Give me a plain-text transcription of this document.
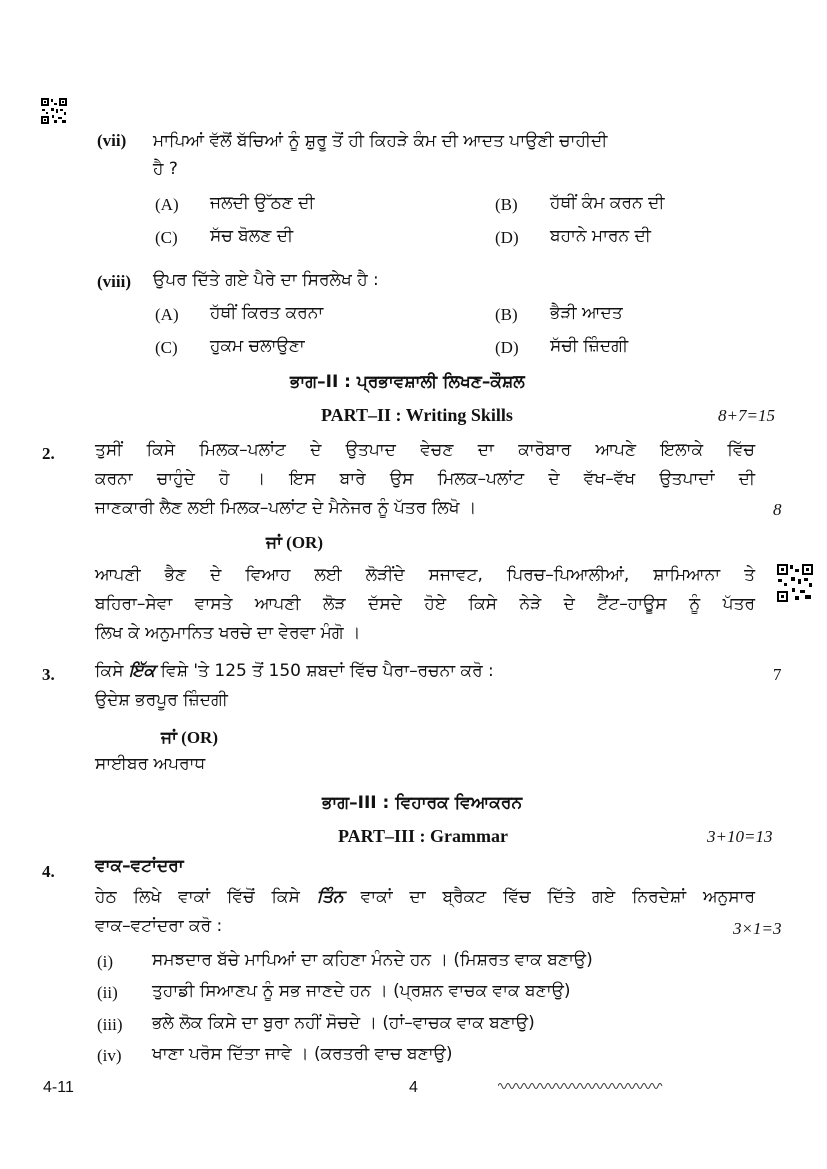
(vii) ਮਾਪਿਆਂ ਵੱਲੋਂ ਬੱਚਿਆਂ ਨੂੰ ਸ਼ੁਰੂ ਤੋਂ ਹੀ ਕਿਹੜੇ ਕੰਮ ਦੀ ਆਦਤ ਪਾਉਣੀ ਚਾਹੀਦੀ
ਹੈ ?
(A) ਜਲਦੀ ਉੱਠਣ ਦੀ	(B) ਹੱਥੀਂ ਕੰਮ ਕਰਨ ਦੀ
(C) ਸੱਚ ਬੋਲਣ ਦੀ	(D) ਬਹਾਨੇ ਮਾਰਨ ਦੀ
(viii) ਉਪਰ ਦਿੱਤੇ ਗਏ ਪੈਰੇ ਦਾ ਸਿਰਲੇਖ ਹੈ :
(A) ਹੱਥੀਂ ਕਿਰਤ ਕਰਨਾ	(B) ਭੈੜੀ ਆਦਤ
(C) ਹੁਕਮ ਚਲਾਉਣਾ	(D) ਸੱਚੀ ਜ਼ਿੰਦਗੀ
ਭਾਗ–II : ਪ੍ਰਭਾਵਸ਼ਾਲੀ ਲਿਖਣ–ਕੌਸ਼ਲ
PART–II : Writing Skills	8+7=15
2. ਤੁਸੀਂ ਕਿਸੇ ਮਿਲਕ–ਪਲਾਂਟ ਦੇ ਉਤਪਾਦ ਵੇਚਣ ਦਾ ਕਾਰੋਬਾਰ ਆਪਣੇ ਇਲਾਕੇ ਵਿੱਚ
ਕਰਨਾ ਚਾਹੁੰਦੇ ਹੋ । ਇਸ ਬਾਰੇ ਉਸ ਮਿਲਕ–ਪਲਾਂਟ ਦੇ ਵੱਖ–ਵੱਖ ਉਤਪਾਦਾਂ ਦੀ
ਜਾਣਕਾਰੀ ਲੈਣ ਲਈ ਮਿਲਕ–ਪਲਾਂਟ ਦੇ ਮੈਨੇਜਰ ਨੂੰ ਪੱਤਰ ਲਿਖੋ ।	8
ਜਾਂ (OR)
ਆਪਣੀ ਭੈਣ ਦੇ ਵਿਆਹ ਲਈ ਲੋੜੀਂਦੇ ਸਜਾਵਟ, ਪਿਰਚ–ਪਿਆਲੀਆਂ, ਸ਼ਾਮਿਆਨਾ ਤੇ
ਬਹਿਰਾ–ਸੇਵਾ ਵਾਸਤੇ ਆਪਣੀ ਲੋੜ ਦੱਸਦੇ ਹੋਏ ਕਿਸੇ ਨੇੜੇ ਦੇ ਟੈਂਟ–ਹਾਊਸ ਨੂੰ ਪੱਤਰ
ਲਿਖ ਕੇ ਅਨੁਮਾਨਿਤ ਖਰਚੇ ਦਾ ਵੇਰਵਾ ਮੰਗੋ ।
3. ਕਿਸੇ ਇੱਕ ਵਿਸ਼ੇ 'ਤੇ 125 ਤੋਂ 150 ਸ਼ਬਦਾਂ ਵਿੱਚ ਪੈਰਾ–ਰਚਨਾ ਕਰੋ :	7
ਉਦੇਸ਼ ਭਰਪੂਰ ਜ਼ਿੰਦਗੀ
ਜਾਂ (OR)
ਸਾਈਬਰ ਅਪਰਾਧ
ਭਾਗ–III : ਵਿਹਾਰਕ ਵਿਆਕਰਨ
PART–III : Grammar	3+10=13
4. ਵਾਕ–ਵਟਾਂਦਰਾ
ਹੇਠ ਲਿਖੇ ਵਾਕਾਂ ਵਿੱਚੋਂ ਕਿਸੇ ਤਿੰਨ ਵਾਕਾਂ ਦਾ ਬ੍ਰੈਕਟ ਵਿੱਚ ਦਿੱਤੇ ਗਏ ਨਿਰਦੇਸ਼ਾਂ ਅਨੁਸਾਰ
ਵਾਕ–ਵਟਾਂਦਰਾ ਕਰੋ :	3×1=3
(i) ਸਮਝਦਾਰ ਬੱਚੇ ਮਾਪਿਆਂ ਦਾ ਕਹਿਣਾ ਮੰਨਦੇ ਹਨ । (ਮਿਸ਼ਰਤ ਵਾਕ ਬਣਾਉ)
(ii) ਤੁਹਾਡੀ ਸਿਆਣਪ ਨੂੰ ਸਭ ਜਾਣਦੇ ਹਨ । (ਪ੍ਰਸ਼ਨ ਵਾਚਕ ਵਾਕ ਬਣਾਉ)
(iii) ਭਲੇ ਲੋਕ ਕਿਸੇ ਦਾ ਬੁਰਾ ਨਹੀਂ ਸੋਚਦੇ । (ਹਾਂ–ਵਾਚਕ ਵਾਕ ਬਣਾਉ)
(iv) ਖਾਣਾ ਪਰੋਸ ਦਿੱਤਾ ਜਾਵੇ । (ਕਰਤਰੀ ਵਾਚ ਬਣਾਉ)
4-11	4
